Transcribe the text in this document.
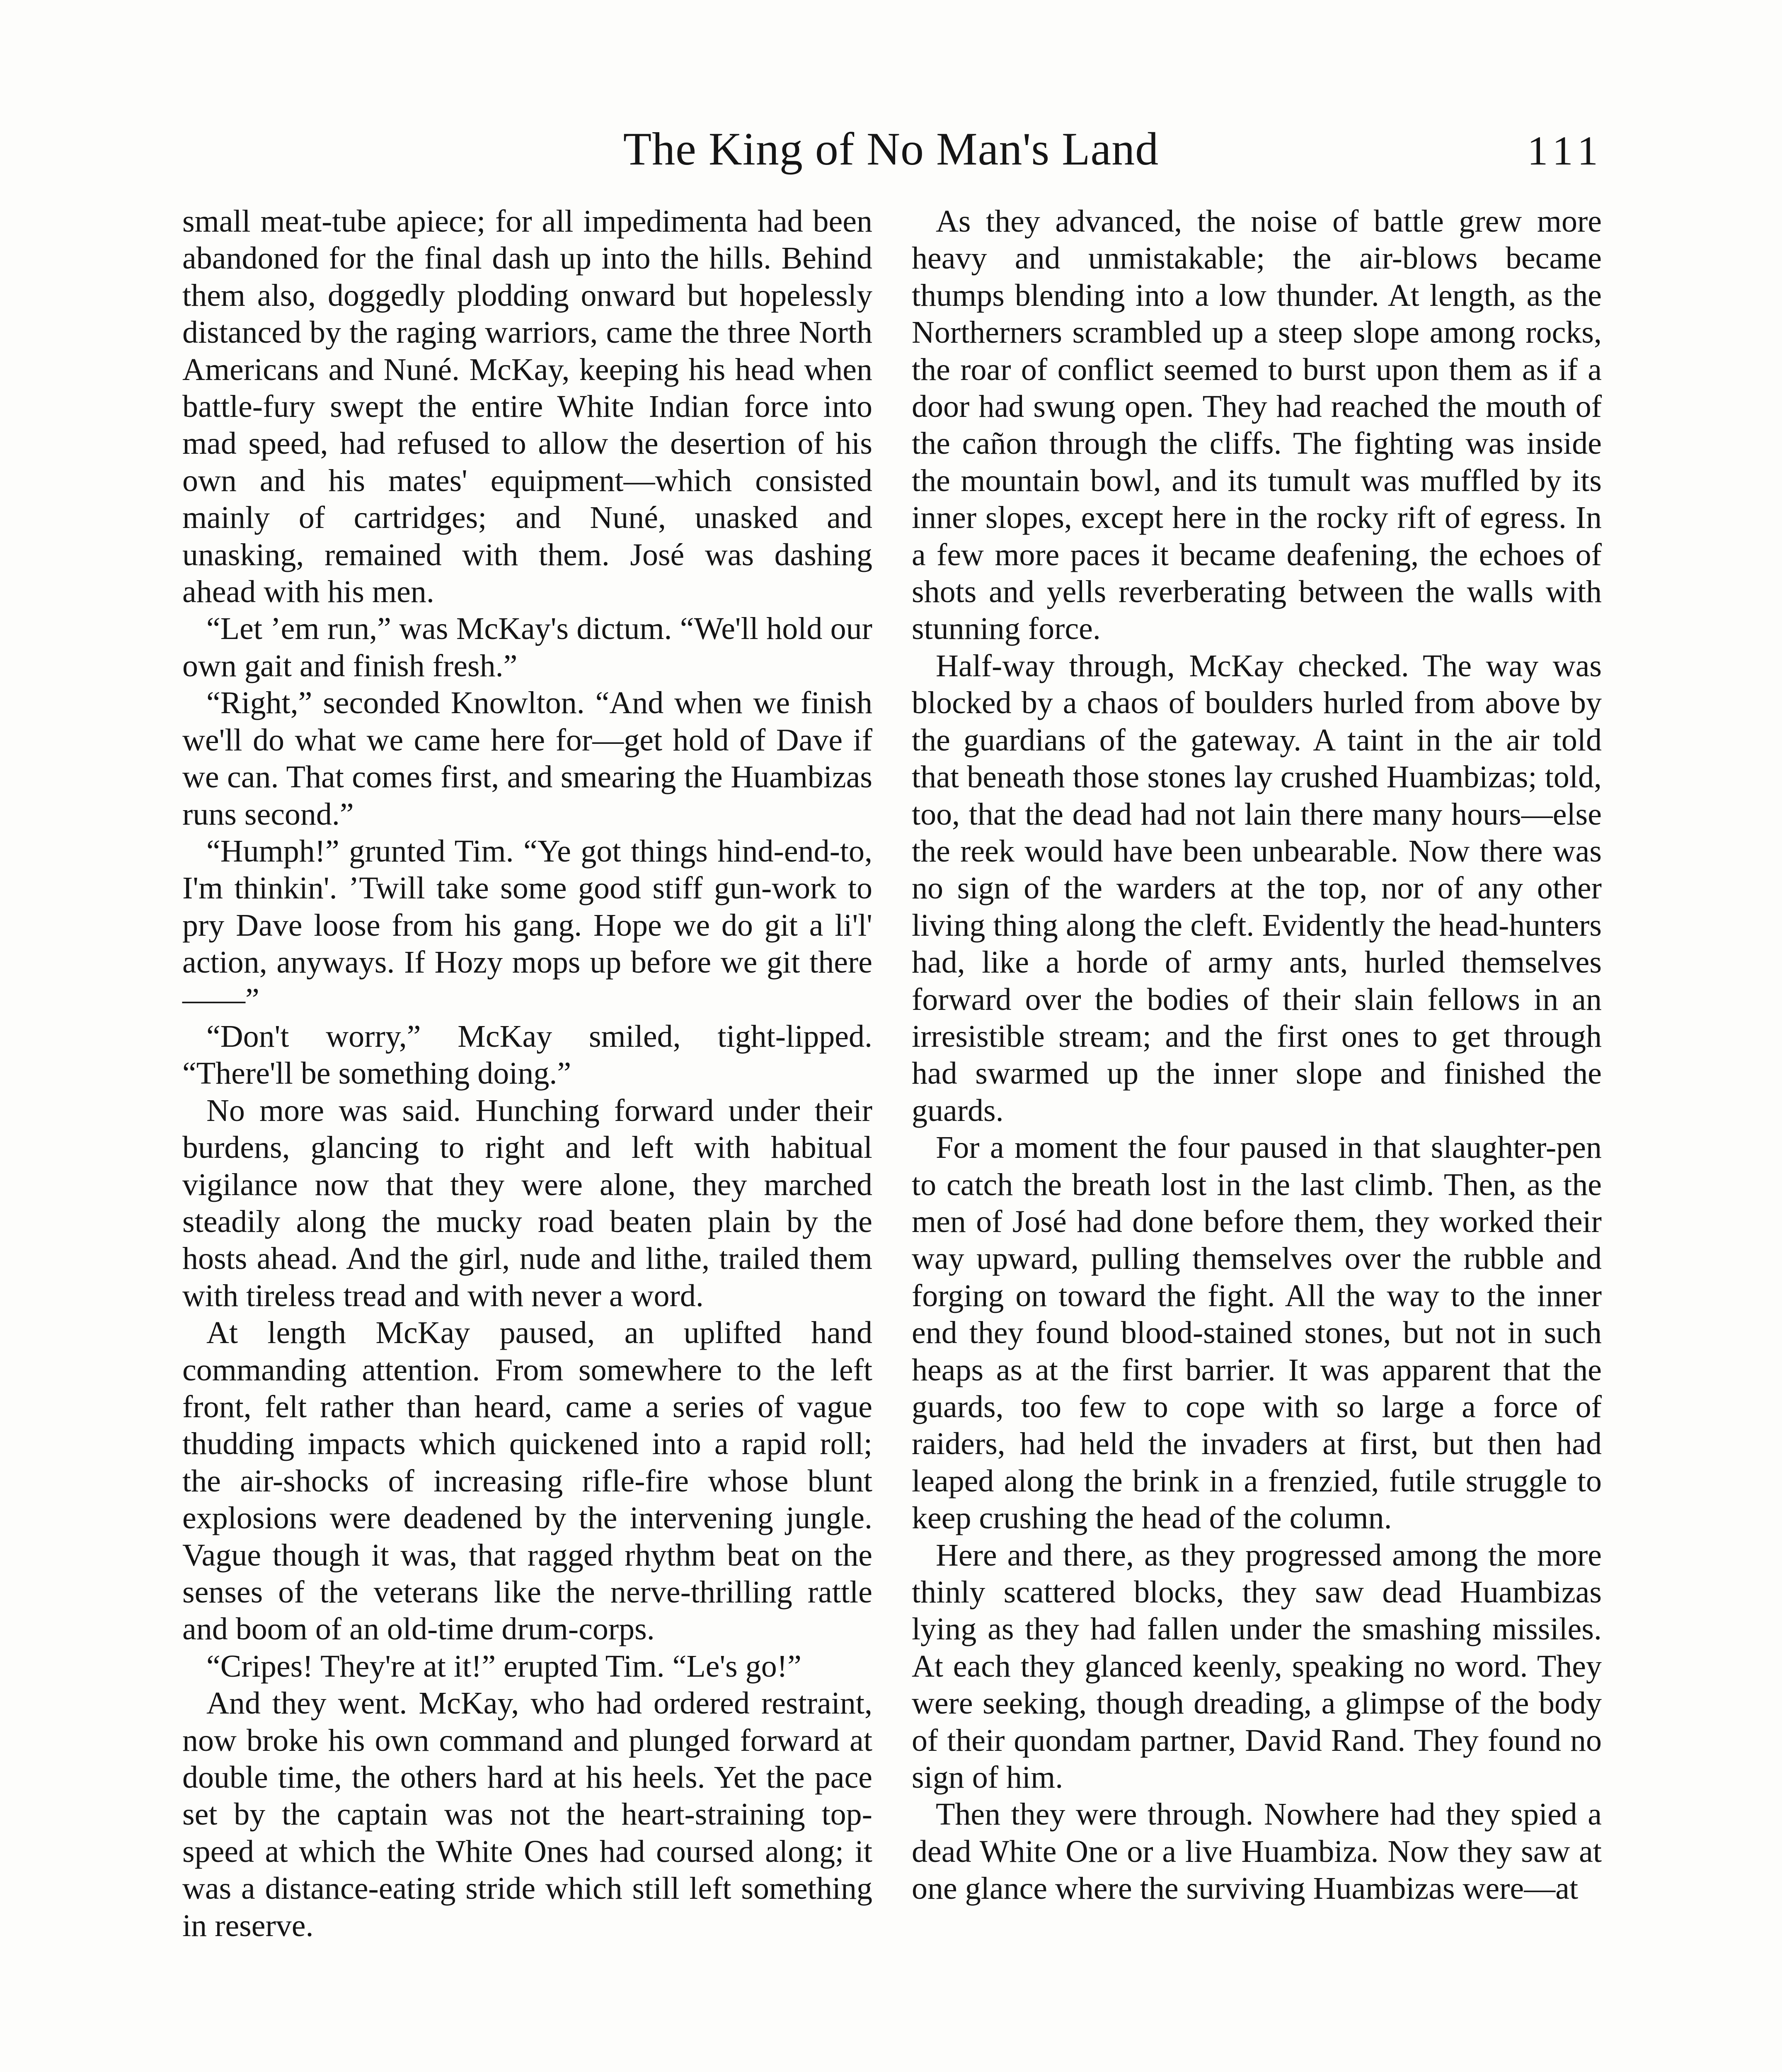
The King of No Man's Land	111

small meat-tube apiece; for all impedimenta had been abandoned for the final dash up into the hills. Behind them also, doggedly plodding onward but hopelessly distanced by the raging warriors, came the three North Americans and Nuné. McKay, keeping his head when battle-fury swept the entire White Indian force into mad speed, had refused to allow the desertion of his own and his mates' equipment—which consisted mainly of cartridges; and Nuné, unasked and unasking, remained with them. José was dashing ahead with his men.

“Let ’em run,” was McKay's dictum. “We'll hold our own gait and finish fresh.”

“Right,” seconded Knowlton. “And when we finish we'll do what we came here for—get hold of Dave if we can. That comes first, and smearing the Huambizas runs second.”

“Humph!” grunted Tim. “Ye got things hind-end-to, I'm thinkin'. ’Twill take some good stiff gun-work to pry Dave loose from his gang. Hope we do git a li'l' action, anyways. If Hozy mops up before we git there——”

“Don't worry,” McKay smiled, tight-lipped. “There'll be something doing.”

No more was said. Hunching forward under their burdens, glancing to right and left with habitual vigilance now that they were alone, they marched steadily along the mucky road beaten plain by the hosts ahead. And the girl, nude and lithe, trailed them with tireless tread and with never a word.

At length McKay paused, an uplifted hand commanding attention. From somewhere to the left front, felt rather than heard, came a series of vague thudding impacts which quickened into a rapid roll; the air-shocks of increasing rifle-fire whose blunt explosions were deadened by the intervening jungle. Vague though it was, that ragged rhythm beat on the senses of the veterans like the nerve-thrilling rattle and boom of an old-time drum-corps.

“Cripes! They're at it!” erupted Tim. “Le's go!”

And they went. McKay, who had ordered restraint, now broke his own command and plunged forward at double time, the others hard at his heels. Yet the pace set by the captain was not the heart-straining top-speed at which the White Ones had coursed along; it was a distance-eating stride which still left something in reserve.

As they advanced, the noise of battle grew more heavy and unmistakable; the air-blows became thumps blending into a low thunder. At length, as the Northerners scrambled up a steep slope among rocks, the roar of conflict seemed to burst upon them as if a door had swung open. They had reached the mouth of the cañon through the cliffs. The fighting was inside the mountain bowl, and its tumult was muffled by its inner slopes, except here in the rocky rift of egress. In a few more paces it became deafening, the echoes of shots and yells reverberating between the walls with stunning force.

Half-way through, McKay checked. The way was blocked by a chaos of boulders hurled from above by the guardians of the gateway. A taint in the air told that beneath those stones lay crushed Huambizas; told, too, that the dead had not lain there many hours—else the reek would have been unbearable. Now there was no sign of the warders at the top, nor of any other living thing along the cleft. Evidently the head-hunters had, like a horde of army ants, hurled themselves forward over the bodies of their slain fellows in an irresistible stream; and the first ones to get through had swarmed up the inner slope and finished the guards.

For a moment the four paused in that slaughter-pen to catch the breath lost in the last climb. Then, as the men of José had done before them, they worked their way upward, pulling themselves over the rubble and forging on toward the fight. All the way to the inner end they found blood-stained stones, but not in such heaps as at the first barrier. It was apparent that the guards, too few to cope with so large a force of raiders, had held the invaders at first, but then had leaped along the brink in a frenzied, futile struggle to keep crushing the head of the column.

Here and there, as they progressed among the more thinly scattered blocks, they saw dead Huambizas lying as they had fallen under the smashing missiles. At each they glanced keenly, speaking no word. They were seeking, though dreading, a glimpse of the body of their quondam partner, David Rand. They found no sign of him.

Then they were through. Nowhere had they spied a dead White One or a live Huambiza. Now they saw at one glance where the surviving Huambizas were—at
